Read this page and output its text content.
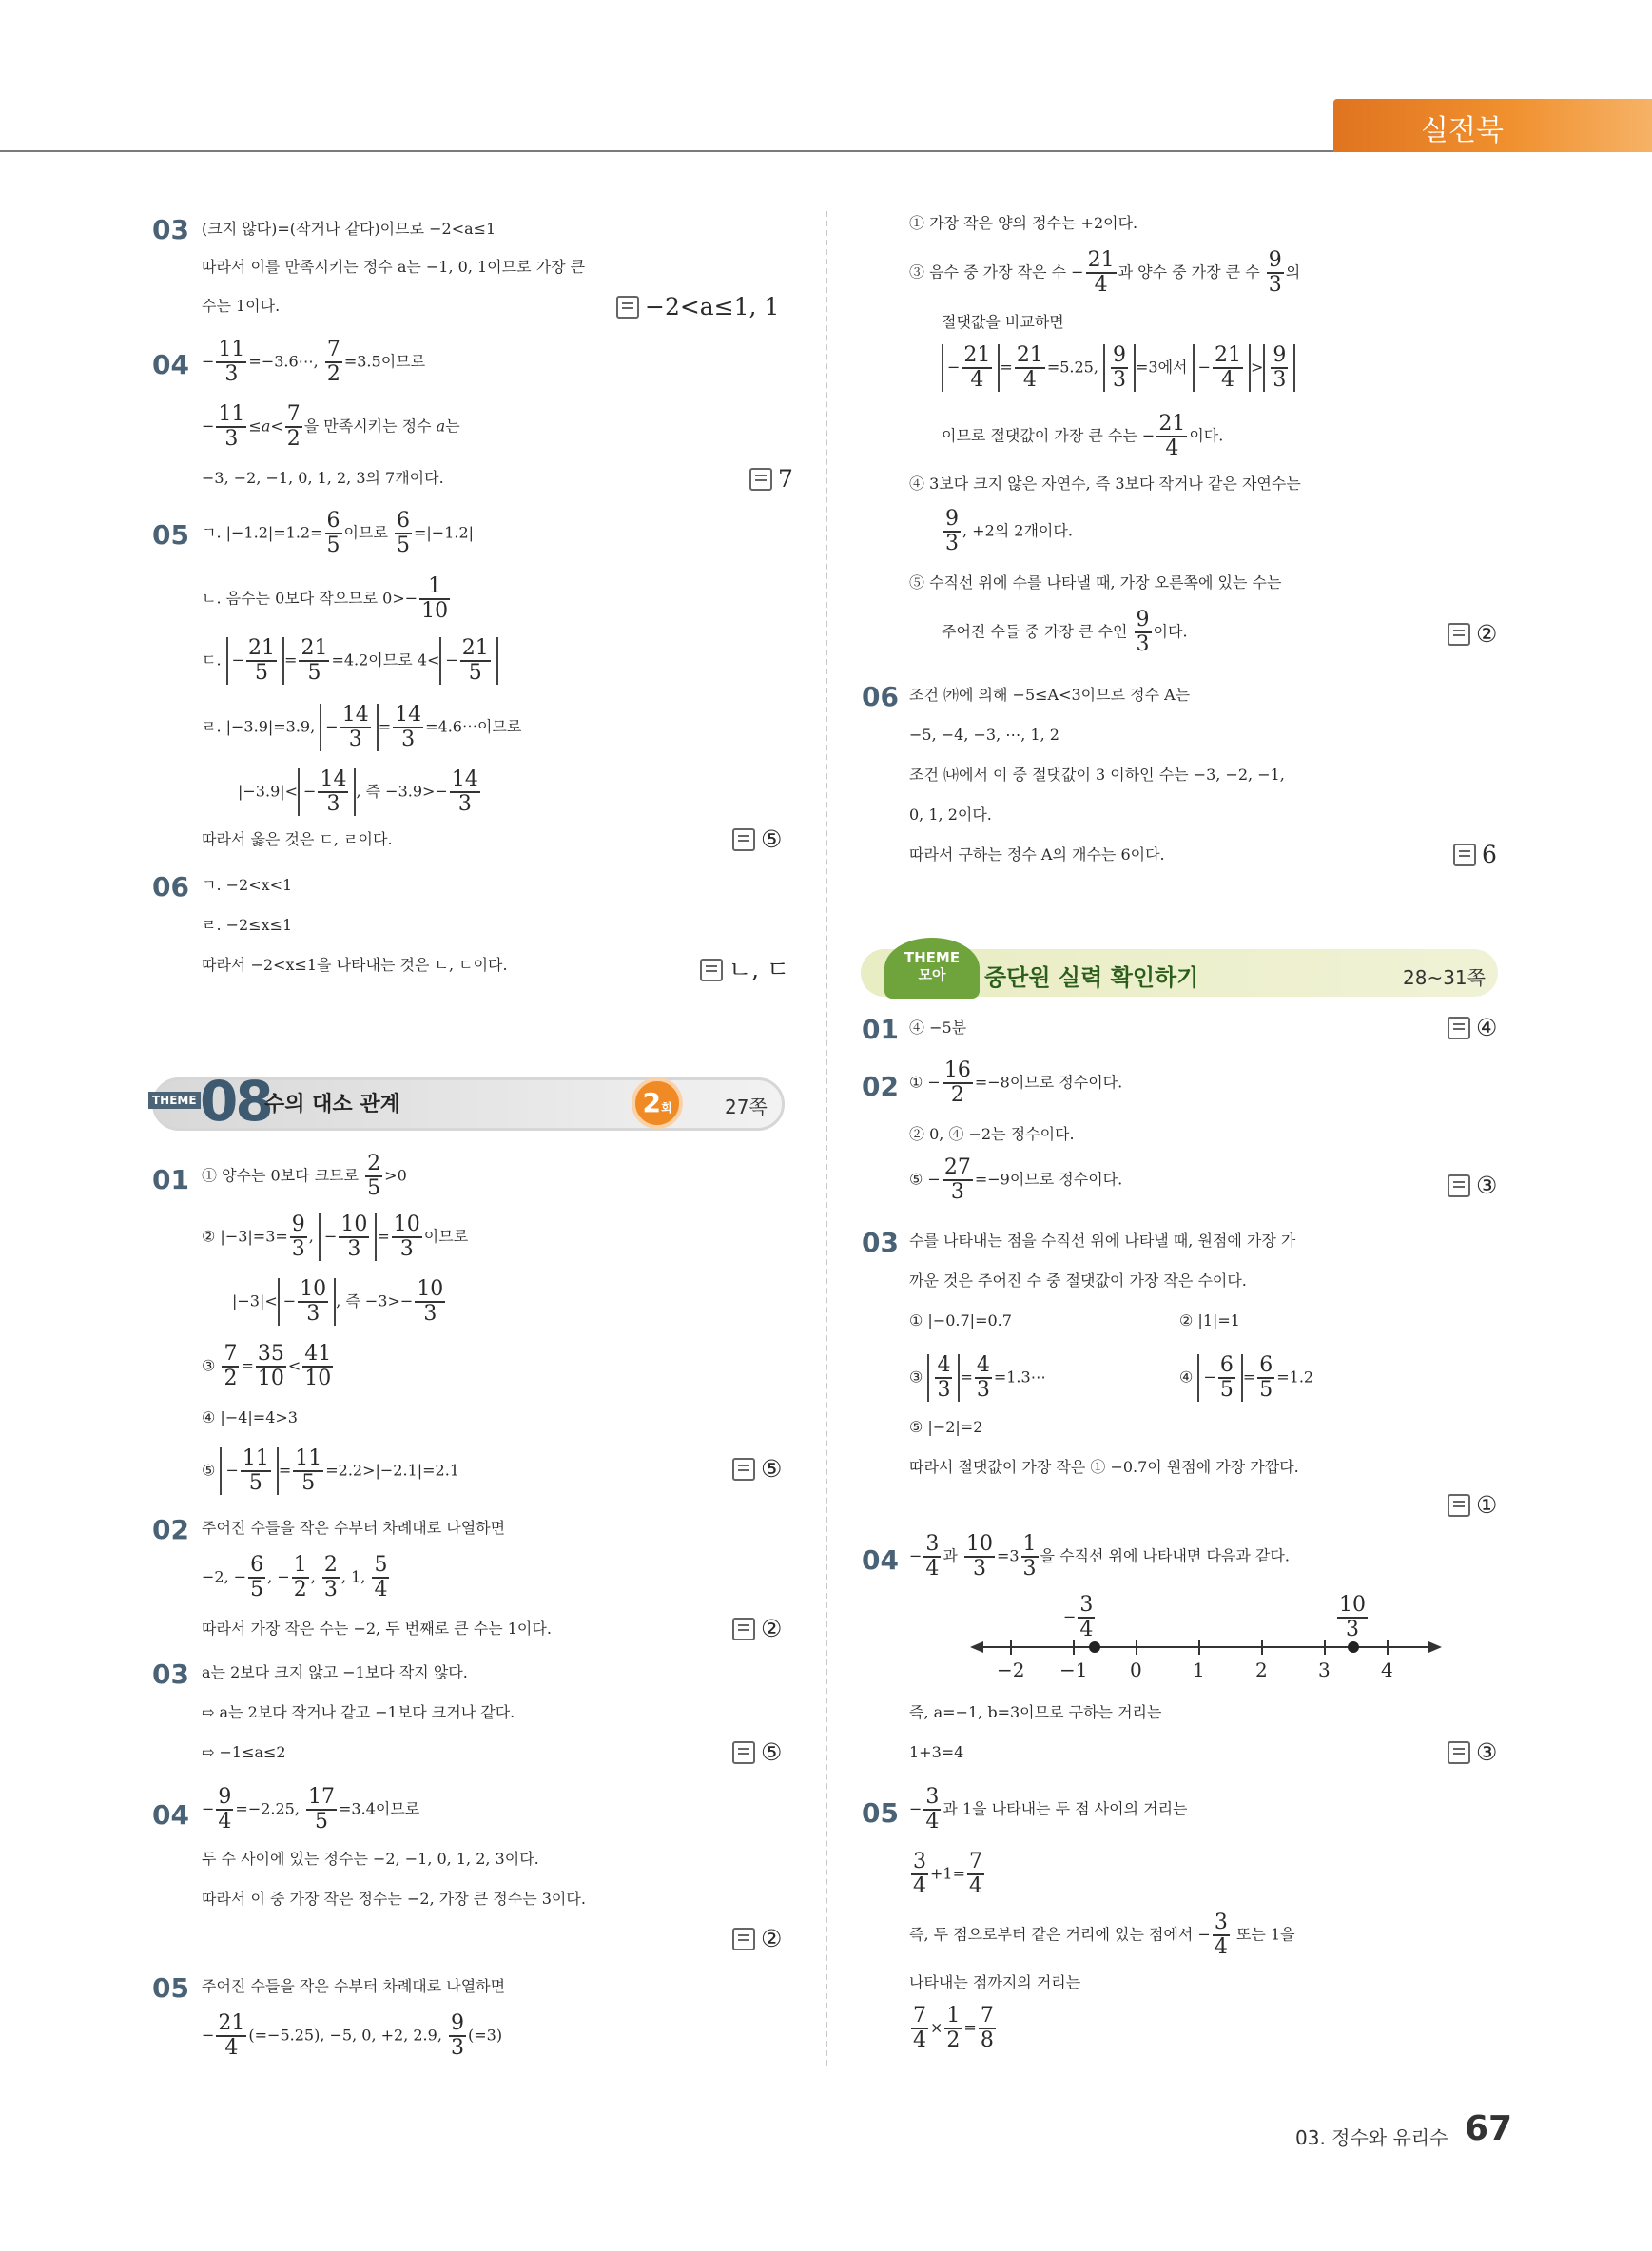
실전북
03 (크지 않다)=(작거나 같다)이므로 −2<a≤1
따라서 이를 만족시키는 정수 a는 −1, 0, 1이므로 가장 큰
수는 1이다.	−2<a≤1, 1
$04 - \frac{11}{3}$ =−3.6⋯, $\frac{7}{2} =3.5$이므로
− $\frac{11}{3} \le a< \frac{7}{2}$ 을 만족시키는 정수 a는
−3, −2, −1, 0, 1, 2, 3의 7개이다.	7
05 ㄱ. $|-1.2|=1.2= \frac{6}{5}$ 이므로 $\frac{6}{5} =|-1.2|$
ㄴ. 음수는 0보다 작으므로 $0>- \frac{1}{10}$
ㄷ. − $\frac{21}{5} = \frac{21}{5} =4.2$이므로 $4< - \frac{21}{5}$
ㄹ. |−3.9|=3.9, − $\frac{14}{3} = \frac{14}{3}$ =4.6⋯이므로
$|-3.9|< - \frac{14}{3}$ , 즉 $-3.9>- \frac{14}{3}$
따라서 옳은 것은 ㄷ, ㄹ이다.	⑤
06 ㄱ. −2<x<1
ㄹ. −2≤x≤1
따라서 −2<x≤1을 나타내는 것은 ㄴ, ㄷ이다.	ㄴ, ㄷ
THEME 08
수의 대소 관계	2회	27쪽
01 ① 양수는 0보다 크므로 $\frac{2}{5} >0$
② $|-3|=3= \frac{9}{3}$ , − $\frac{10}{3} = \frac{10}{3}$ 이므로
$|-3|< - \frac{10}{3}$ , 즉 $-3>- \frac{10}{3}$
③ $\frac{7}{2} = \frac{35}{10} < \frac{41}{10}$
④ |−4|=4>3
⑤ − $\frac{11}{5} = \frac{11}{5} =2.2>|-2.1|=2.1$	⑤
02 주어진 수들을 작은 수부터 차례대로 나열하면
−2, − $\frac{6}{5}$ , − $\frac{1}{2}$ , $\frac{2}{3}$ , 1, $\frac{5}{4}$
따라서 가장 작은 수는 −2, 두 번째로 큰 수는 1이다.	②
03 a는 2보다 크지 않고 −1보다 작지 않다.
⇨ a는 2보다 작거나 같고 −1보다 크거나 같다.
⇨ −1≤a≤2	⑤
$04 - \frac{9}{4} =-2.25$, $\frac{17}{5} =3.4$이므로
두 수 사이에 있는 정수는 −2, −1, 0, 1, 2, 3이다.
따라서 이 중 가장 작은 정수는 −2, 가장 큰 정수는 3이다.
②
05 주어진 수들을 작은 수부터 차례대로 나열하면
− $\frac{21}{4} (=-5.25)$, −5, 0, +2, 2.9, $\frac{9}{3} (=3)$
① 가장 작은 양의 정수는 +2이다.
③ 음수 중 가장 작은 수 − $\frac{21}{4}$ 과 양수 중 가장 큰 수 $\frac{9}{3}$ 의
절댓값을 비교하면
− $\frac{21}{4} = \frac{21}{4} =5.25$, $\frac{9}{3} =3$에서 − $\frac{21}{4} > \frac{9}{3}$
이므로 절댓값이 가장 큰 수는 − $\frac{21}{4}$ 이다.
④ 3보다 크지 않은 자연수, 즉 3보다 작거나 같은 자연수는
$\frac{9}{3}$ , +2의 2개이다.
⑤ 수직선 위에 수를 나타낼 때, 가장 오른쪽에 있는 수는
주어진 수들 중 가장 큰 수인 $\frac{9}{3}$ 이다.	②
06 조건 ㈎에 의해 −5≤A<3이므로 정수 A는
−5, −4, −3, ⋯, 1, 2
조건 ㈏에서 이 중 절댓값이 3 이하인 수는 −3, −2, −1,
0, 1, 2이다.
따라서 구하는 정수 A의 개수는 6이다.	6
THEME
모아	중단원 실력 확인하기	28~31쪽
01 ④ −5분	④
02 ① − $\frac{16}{2} =-8$이므로 정수이다.
② 0, ④ −2는 정수이다.
⑤ − $\frac{27}{3} =-9$이므로 정수이다.	③
03 수를 나타내는 점을 수직선 위에 나타낼 때, 원점에 가장 가
까운 것은 주어진 수 중 절댓값이 가장 작은 수이다.
① |−0.7|=0.7	② |1|=1
③ $\frac{4}{3} = \frac{4}{3}$ =1.3⋯	④ − $\frac{6}{5} = \frac{6}{5} =1.2$
⑤ |−2|=2
따라서 절댓값이 가장 작은 ① −0.7이 원점에 가장 가깝다.
①
$04 - \frac{3}{4}$ 과 $\frac{10}{3} =3 \frac{1}{3}$ 을 수직선 위에 나타내면 다음과 같다.
−2 −1 0	1	2	3	4
− $\frac{3}{4}$	$\frac{10}{3}$
즉, a=−1, b=3이므로 구하는 거리는
1+3=4	③
$05 - \frac{3}{4}$ 과 1을 나타내는 두 점 사이의 거리는
$\frac{3}{4} +1= \frac{7}{4}$
즉, 두 점으로부터 같은 거리에 있는 점에서 − $\frac{3}{4}$ 또는 1을
나타내는 점까지의 거리는
$\frac{7}{4} \times \frac{1}{2} = \frac{7}{8}$
03. 정수와 유리수 67
